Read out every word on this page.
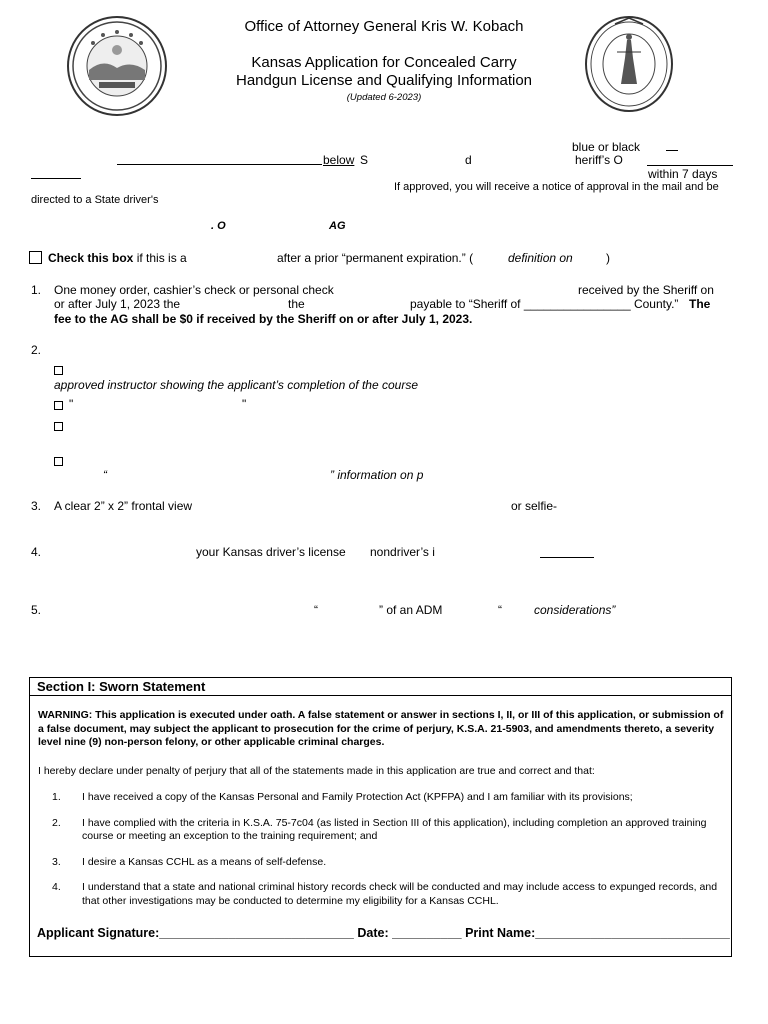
Office of Attorney General Kris W. Kobach
Kansas Application for Concealed Carry
Handgun License and Qualifying Information
(Updated 6-2023)
blue or black
below S	d	heriff’s O
within 7 days
If approved, you will receive a notice of approval in the mail and be
directed to a State driver's
. O	AG
Check this box if this is a	after a prior “permanent expiration.” (	definition on	)
1. One money order, cashier’s check or personal check	received by the Sheriff on
or after July 1, 2023 the	the	payable to “Sheriff of ________________ County.” The
fee to the AG shall be $0 if received by the Sheriff on or after July 1, 2023.
2.
approved instructor showing the applicant’s completion of the course
"	"
“	” information on p
3. A clear 2” x 2” frontal view	or selfie-
4.	your Kansas driver’s license nondriver’s i
5.	“	” of an ADM	“	considerations”
Section I: Sworn Statement
WARNING: This application is executed under oath. A false statement or answer in sections I, II, or III of this application, or submission of a false document, may subject the applicant to prosecution for the crime of perjury, K.S.A. 21-5903, and amendments thereto, a severity level nine (9) non-person felony, or other applicable criminal charges.
I hereby declare under penalty of perjury that all of the statements made in this application are true and correct and that:
1.	I have received a copy of the Kansas Personal and Family Protection Act (KPFPA) and I am familiar with its provisions;
2.	I have complied with the criteria in K.S.A. 75-7c04 (as listed in Section III of this application), including completion an approved training course or meeting an exception to the training requirement; and
3.	I desire a Kansas CCHL as a means of self-defense.
4.	I understand that a state and national criminal history records check will be conducted and may include access to expunged records, and that other investigations may be conducted to determine my eligibility for a Kansas CCHL.
Applicant Signature:____________________________ Date: __________ Print Name:____________________________
